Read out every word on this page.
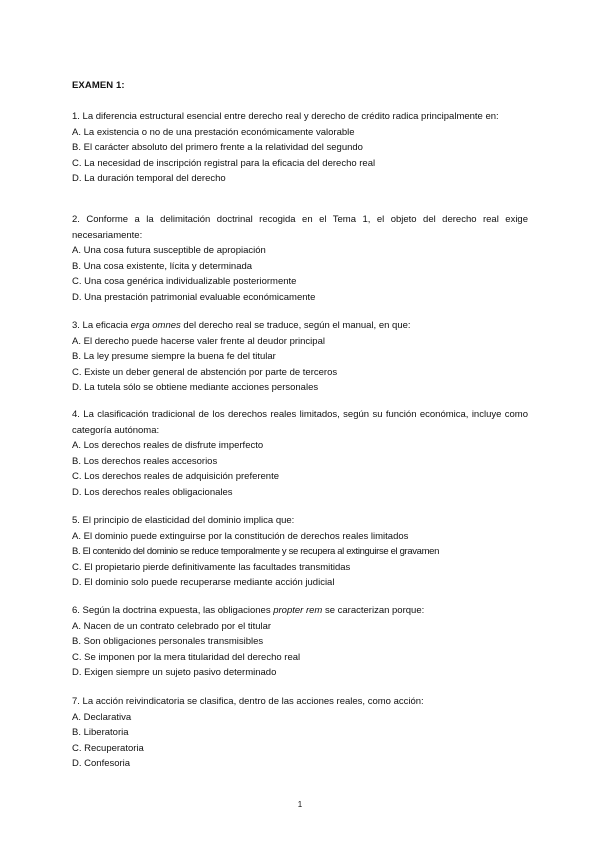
EXAMEN 1:

1. La diferencia estructural esencial entre derecho real y derecho de crédito radica principalmente en:

A. La existencia o no de una prestación económicamente valorable

B. El carácter absoluto del primero frente a la relatividad del segundo

C. La necesidad de inscripción registral para la eficacia del derecho real

D. La duración temporal del derecho

2. Conforme a la delimitación doctrinal recogida en el Tema 1, el objeto del derecho real exige necesariamente:

A. Una cosa futura susceptible de apropiación

B. Una cosa existente, lícita y determinada

C. Una cosa genérica individualizable posteriormente

D. Una prestación patrimonial evaluable económicamente

3. La eficacia erga omnes del derecho real se traduce, según el manual, en que:

A. El derecho puede hacerse valer frente al deudor principal

B. La ley presume siempre la buena fe del titular

C. Existe un deber general de abstención por parte de terceros

D. La tutela sólo se obtiene mediante acciones personales

4. La clasificación tradicional de los derechos reales limitados, según su función económica, incluye como categoría autónoma:

A. Los derechos reales de disfrute imperfecto

B. Los derechos reales accesorios

C. Los derechos reales de adquisición preferente

D. Los derechos reales obligacionales

5. El principio de elasticidad del dominio implica que:

A. El dominio puede extinguirse por la constitución de derechos reales limitados

B. El contenido del dominio se reduce temporalmente y se recupera al extinguirse el gravamen

C. El propietario pierde definitivamente las facultades transmitidas

D. El dominio solo puede recuperarse mediante acción judicial

6. Según la doctrina expuesta, las obligaciones propter rem se caracterizan porque:

A. Nacen de un contrato celebrado por el titular

B. Son obligaciones personales transmisibles

C. Se imponen por la mera titularidad del derecho real

D. Exigen siempre un sujeto pasivo determinado

7. La acción reivindicatoria se clasifica, dentro de las acciones reales, como acción:

A. Declarativa

B. Liberatoria

C. Recuperatoria

D. Confesoria

1
